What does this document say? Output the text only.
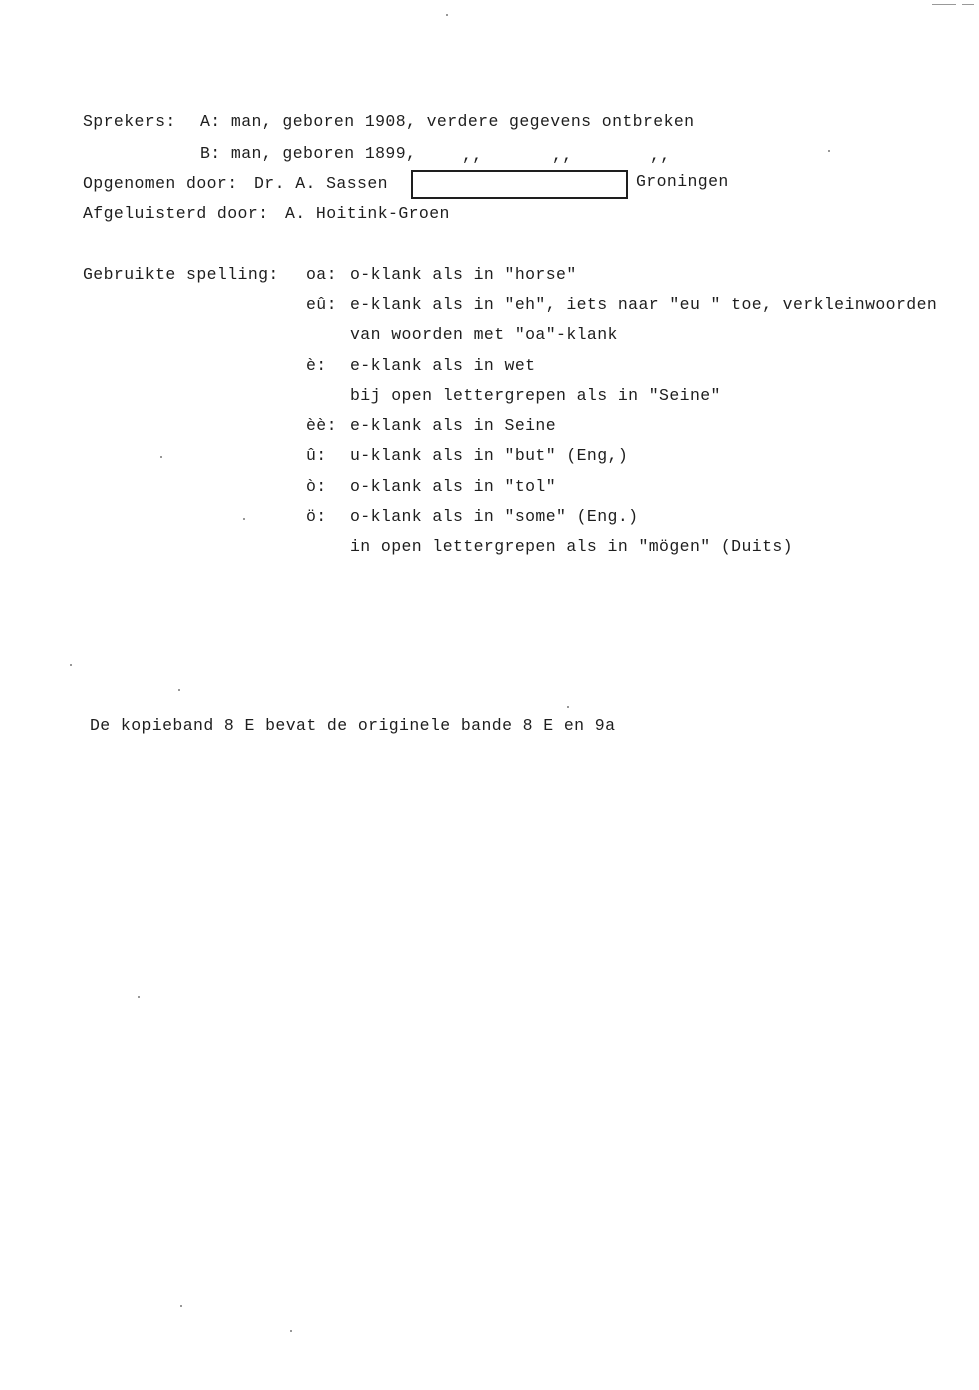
Sprekers: A: man, geboren 1908, verdere gegevens ontbreken
B: man, geboren 1899,	,,	,,	,,
Opgenomen door: Dr. A. Sassen	Groningen
Afgeluisterd door: A. Hoitink-Groen
Gebruikte spelling: oa: o-klank als in "horse"
eû: e-klank als in "eh", iets naar "eu " toe, verkleinwoorden
van woorden met "oa"-klank
è: e-klank als in wet
bij open lettergrepen als in "Seine"
èè: e-klank als in Seine
û: u-klank als in "but" (Eng,)
ò: o-klank als in "tol"
ö: o-klank als in "some" (Eng.)
in open lettergrepen als in "mögen" (Duits)
De kopieband 8 E bevat de originele bande 8 E en 9a
